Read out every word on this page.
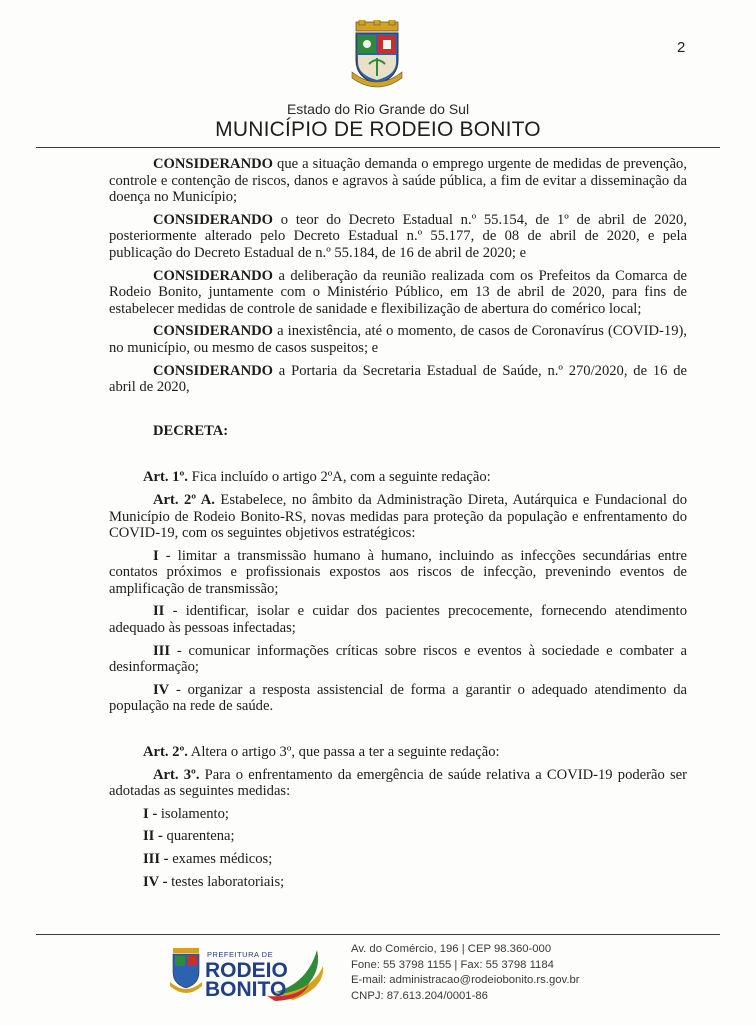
2
Estado do Rio Grande do Sul
MUNICÍPIO DE RODEIO BONITO

CONSIDERANDO que a situação demanda o emprego urgente de medidas de prevenção, controle e contenção de riscos, danos e agravos à saúde pública, a fim de evitar a disseminação da doença no Município;

CONSIDERANDO o teor do Decreto Estadual n.º 55.154, de 1º de abril de 2020, posteriormente alterado pelo Decreto Estadual n.º 55.177, de 08 de abril de 2020, e pela publicação do Decreto Estadual de n.º 55.184, de 16 de abril de 2020; e

CONSIDERANDO a deliberação da reunião realizada com os Prefeitos da Comarca de Rodeio Bonito, juntamente com o Ministério Público, em 13 de abril de 2020, para fins de estabelecer medidas de controle de sanidade e flexibilização de abertura do comérico local;

CONSIDERANDO a inexistência, até o momento, de casos de Coronavírus (COVID-19), no município, ou mesmo de casos suspeitos; e

CONSIDERANDO a Portaria da Secretaria Estadual de Saúde, n.º 270/2020, de 16 de abril de 2020,

DECRETA:

Art. 1º. Fica incluído o artigo 2ºA, com a seguinte redação:

Art. 2º A. Estabelece, no âmbito da Administração Direta, Autárquica e Fundacional do Município de Rodeio Bonito-RS, novas medidas para proteção da população e enfrentamento do COVID-19, com os seguintes objetivos estratégicos:

I - limitar a transmissão humano à humano, incluindo as infecções secundárias entre contatos próximos e profissionais expostos aos riscos de infecção, prevenindo eventos de amplificação de transmissão;

II - identificar, isolar e cuidar dos pacientes precocemente, fornecendo atendimento adequado às pessoas infectadas;

III - comunicar informações críticas sobre riscos e eventos à sociedade e combater a desinformação;

IV - organizar a resposta assistencial de forma a garantir o adequado atendimento da população na rede de saúde.

Art. 2º. Altera o artigo 3º, que passa a ter a seguinte redação:

Art. 3º. Para o enfrentamento da emergência de saúde relativa a COVID-19 poderão ser adotadas as seguintes medidas:

I - isolamento;

II - quarentena;

III - exames médicos;

IV - testes laboratoriais;

PREFEITURA DE
RODEIO
BONITO
Av. do Comércio, 196 | CEP 98.360-000
Fone: 55 3798 1155 | Fax: 55 3798 1184
E-mail: administracao@rodeiobonito.rs.gov.br
CNPJ: 87.613.204/0001-86
